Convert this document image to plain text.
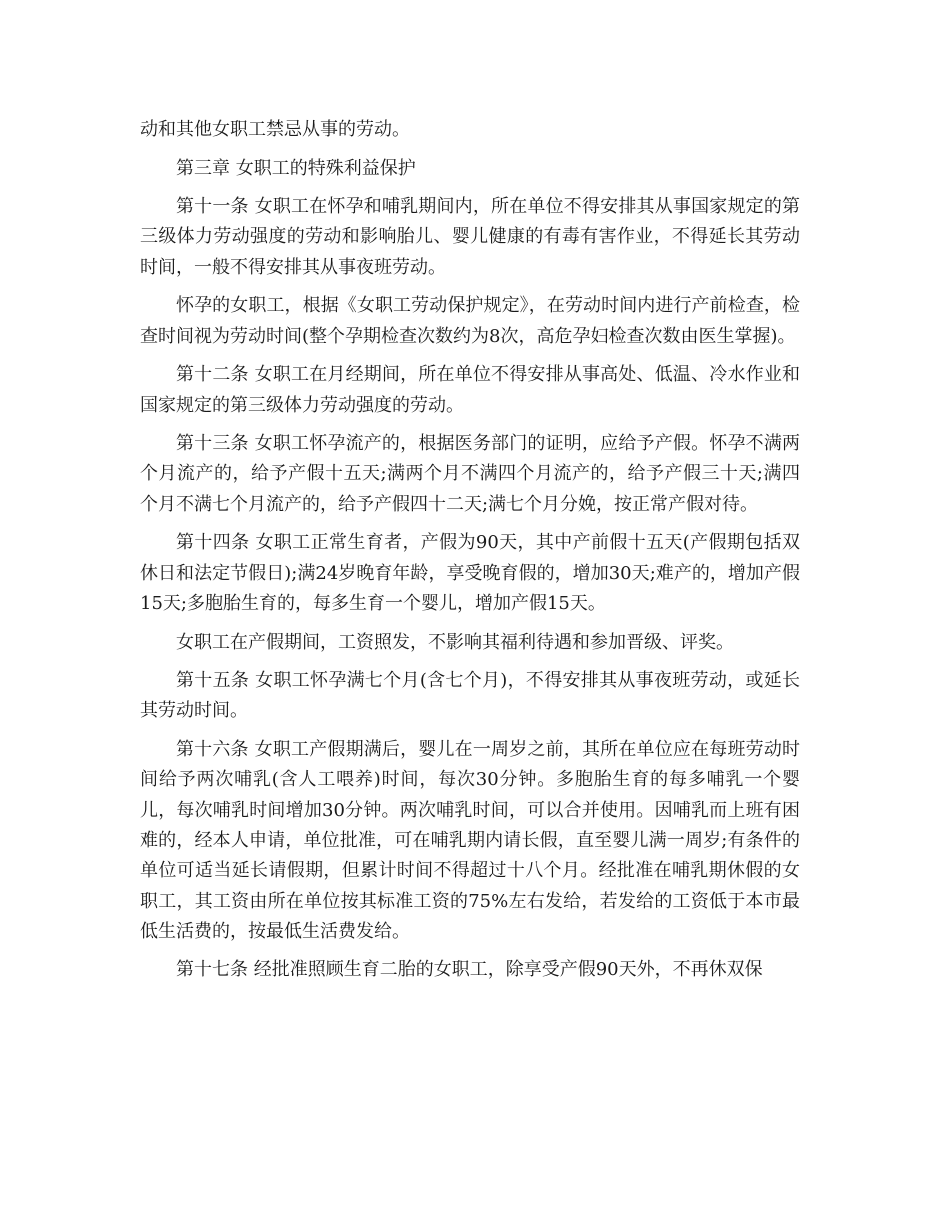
动和其他女职工禁忌从事的劳动。

第三章 女职工的特殊利益保护

第十一条 女职工在怀孕和哺乳期间内，所在单位不得安排其从事国家规定的第三级体力劳动强度的劳动和影响胎儿、婴儿健康的有毒有害作业，不得延长其劳动时间，一般不得安排其从事夜班劳动。

怀孕的女职工，根据《女职工劳动保护规定》，在劳动时间内进行产前检查，检查时间视为劳动时间(整个孕期检查次数约为8次，高危孕妇检查次数由医生掌握)。

第十二条 女职工在月经期间，所在单位不得安排从事高处、低温、冷水作业和国家规定的第三级体力劳动强度的劳动。

第十三条 女职工怀孕流产的，根据医务部门的证明，应给予产假。怀孕不满两个月流产的，给予产假十五天;满两个月不满四个月流产的，给予产假三十天;满四个月不满七个月流产的，给予产假四十二天;满七个月分娩，按正常产假对待。

第十四条 女职工正常生育者，产假为90天，其中产前假十五天(产假期包括双休日和法定节假日);满24岁晚育年龄，享受晚育假的，增加30天;难产的，增加产假15天;多胞胎生育的，每多生育一个婴儿，增加产假15天。

女职工在产假期间，工资照发，不影响其福利待遇和参加晋级、评奖。

第十五条 女职工怀孕满七个月(含七个月)，不得安排其从事夜班劳动，或延长其劳动时间。

第十六条 女职工产假期满后，婴儿在一周岁之前，其所在单位应在每班劳动时间给予两次哺乳(含人工喂养)时间，每次30分钟。多胞胎生育的每多哺乳一个婴儿，每次哺乳时间增加30分钟。两次哺乳时间，可以合并使用。因哺乳而上班有困难的，经本人申请，单位批准，可在哺乳期内请长假，直至婴儿满一周岁;有条件的单位可适当延长请假期，但累计时间不得超过十八个月。经批准在哺乳期休假的女职工，其工资由所在单位按其标准工资的75%左右发给，若发给的工资低于本市最低生活费的，按最低生活费发给。

第十七条 经批准照顾生育二胎的女职工，除享受产假90天外，不再休双保
